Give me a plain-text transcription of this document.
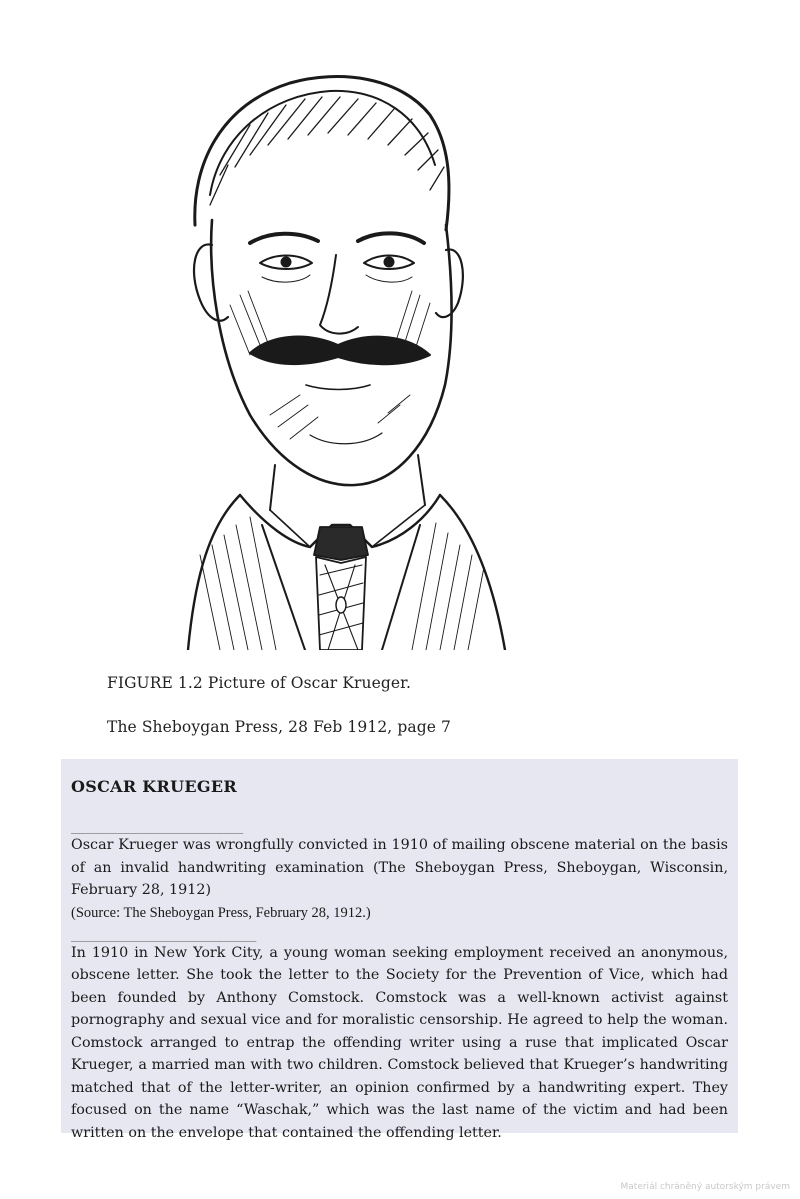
FIGURE 1.2 Picture of Oscar Krueger.
The Sheboygan Press, 28 Feb 1912, page 7
OSCAR KRUEGER
__________________________

Oscar Krueger was wrongfully convicted in 1910 of mailing obscene material on the basis of an invalid handwriting examination (The Sheboygan Press, Sheboygan, Wisconsin, February 28, 1912)

(Source: The Sheboygan Press, February 28, 1912.)

____________________________

In 1910 in New York City, a young woman seeking employment received an anonymous, obscene letter. She took the letter to the Society for the Prevention of Vice, which had been founded by Anthony Comstock. Comstock was a well-known activist against pornography and sexual vice and for moralistic censorship. He agreed to help the woman. Comstock arranged to entrap the offending writer using a ruse that implicated Oscar Krueger, a married man with two children. Comstock believed that Krueger’s handwriting matched that of the letter-writer, an opinion confirmed by a handwriting expert. They focused on the name “Waschak,” which was the last name of the victim and had been written on the envelope that contained the offending letter.

Materiál chráněný autorským právem
